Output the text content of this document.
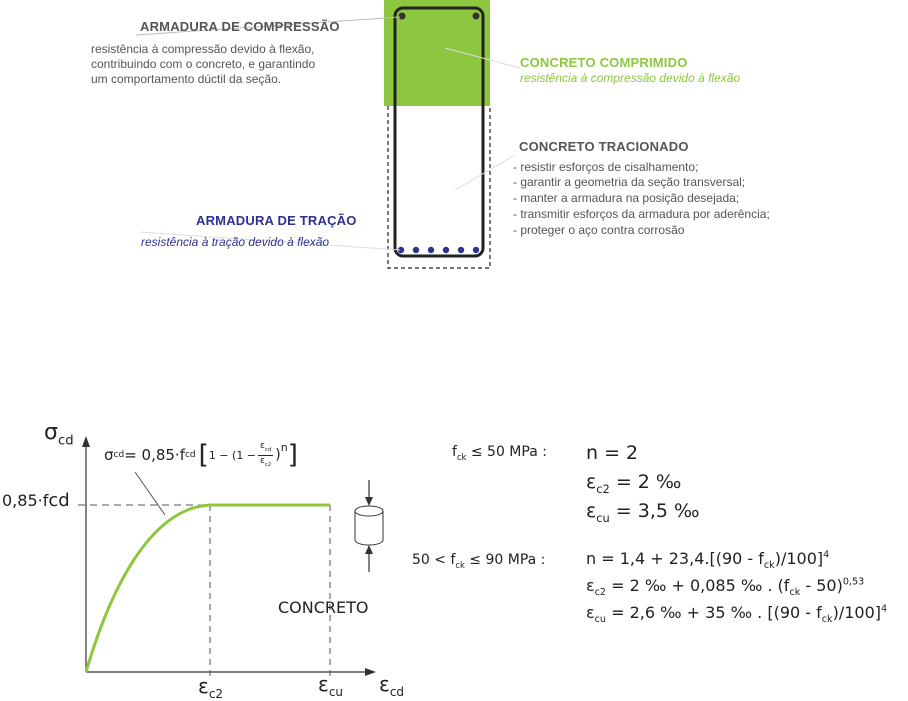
ARMADURA DE COMPRESSÃO
resistência à compressão devido à flexão,
contribuindo com o concreto, e garantindo
um comportamento dúctil da seção.
CONCRETO COMPRIMIDO
resistência à compressão devido à flexão
CONCRETO TRACIONADO
- resistir esforços de cisalhamento;
- garantir a geometria da seção transversal;
- manter a armadura na posição desejada;
- transmitir esforços da armadura por aderência;
- proteger o aço contra corrosão
ARMADURA DE TRAÇÃO
resistência à tração devido à flexão
$\sigma_{cd}$
0,85·fcd
$\varepsilon_{c2}$	$\varepsilon_{cu}$ $\varepsilon_{cd}$
CONCRETO
σ cd = 0,85·f cd [ 1 − (1 −
$\varepsilon_{cd}$
$\varepsilon_{c2}$
)$^n$ ]	$f_{ck} \le 50$ MPa : n = 2
$\varepsilon_{c2} = 2$ ‰
$\varepsilon_{cu} = 3,5$ ‰
$50 < f_{ck} \le 90$ MPa :	$n = 1,4 + 23,4.[(90 - f_{ck})/100]^4$
$\varepsilon_{c2} = 2$ ‰ + 0,085 ‰ . $(f_{ck} - 50)^{0,53}$
$\varepsilon_{cu} = 2,6$ ‰ + 35 ‰ . $[(90 - f_{ck})/100]^4$
